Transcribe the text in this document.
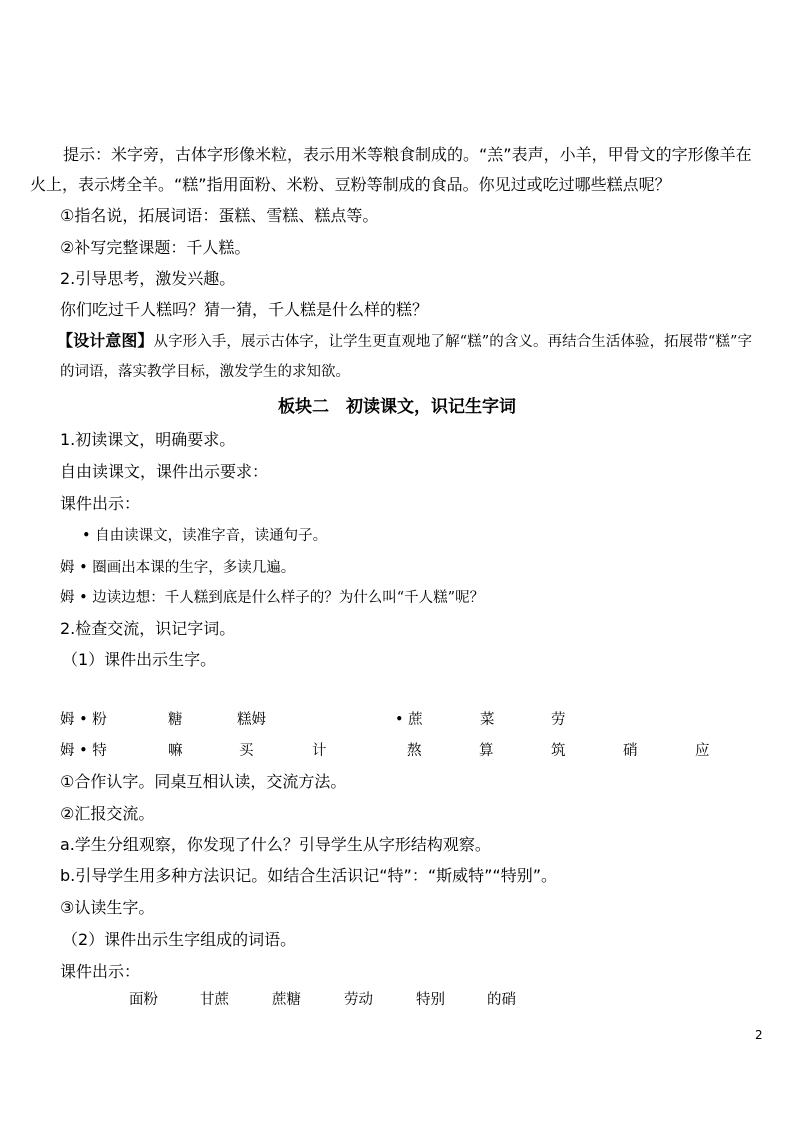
提示：米字旁，古体字形像米粒，表示用米等粮食制成的。“羔”表声，小羊，甲骨文的字形像羊在火上，表示烤全羊。“糕”指用面粉、米粉、豆粉等制成的食品。你见过或吃过哪些糕点呢？
①指名说，拓展词语：蛋糕、雪糕、糕点等。
②补写完整课题：千人糕。
2.引导思考，激发兴趣。
你们吃过千人糕吗？猜一猜，千人糕是什么样的糕？
【设计意图】从字形入手，展示古体字，让学生更直观地了解“糕”的含义。再结合生活体验，拓展带“糕”字的词语，落实教学目标，激发学生的求知欲。
板块二　初读课文，识记生字词
1.初读课文，明确要求。
自由读课文，课件出示要求：
课件出示：
• 自由读课文，读准字音，读通句子。
姆 • 圈画出本课的生字，多读几遍。
姆 • 边读边想：千人糕到底是什么样子的？为什么叫“千人糕”呢？
2.检查交流，识记字词。
（1）课件出示生字。
姆 • 粉	糖	糕姆	• 蔗	菜	劳
姆 • 特	嘛	买	计	熬	算	筑	硝	应
①合作认字。同桌互相认读，交流方法。
②汇报交流。
a.学生分组观察，你发现了什么？引导学生从字形结构观察。
b.引导学生用多种方法识记。如结合生活识记“特”：“斯威特”“特别”。
③认读生字。
（2）课件出示生字组成的词语。
课件出示：
面粉	甘蔗	蔗糖	劳动	特别	的硝
2
